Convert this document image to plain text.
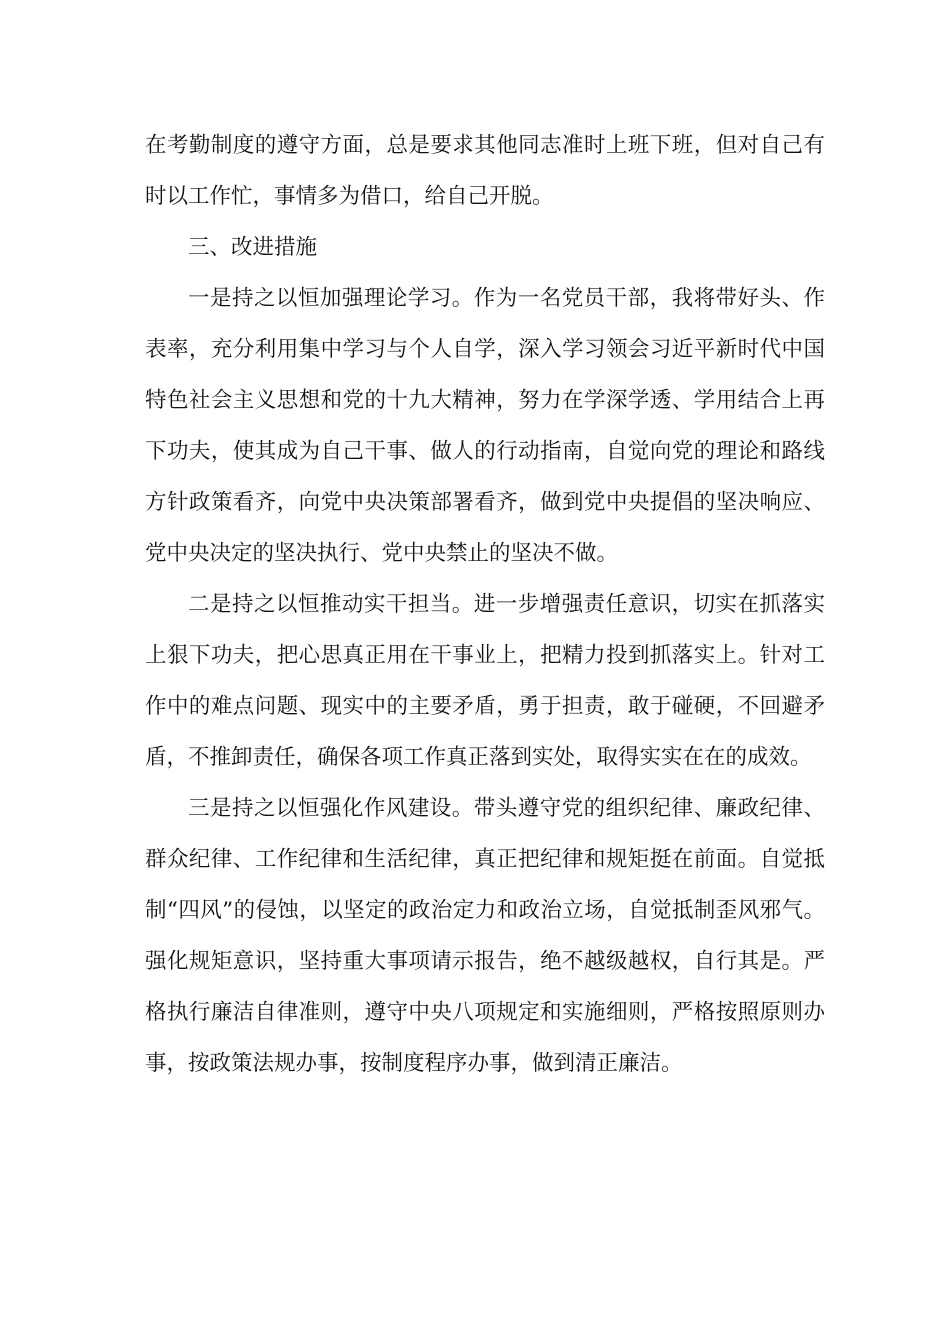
在考勤制度的遵守方面，总是要求其他同志准时上班下班，但对自己有时以工作忙，事情多为借口，给自己开脱。

三、改进措施

一是持之以恒加强理论学习。作为一名党员干部，我将带好头、作表率，充分利用集中学习与个人自学，深入学习领会习近平新时代中国特色社会主义思想和党的十九大精神，努力在学深学透、学用结合上再下功夫，使其成为自己干事、做人的行动指南，自觉向党的理论和路线方针政策看齐，向党中央决策部署看齐，做到党中央提倡的坚决响应、党中央决定的坚决执行、党中央禁止的坚决不做。

二是持之以恒推动实干担当。进一步增强责任意识，切实在抓落实上狠下功夫，把心思真正用在干事业上，把精力投到抓落实上。针对工作中的难点问题、现实中的主要矛盾，勇于担责，敢于碰硬，不回避矛盾，不推卸责任，确保各项工作真正落到实处，取得实实在在的成效。

三是持之以恒强化作风建设。带头遵守党的组织纪律、廉政纪律、群众纪律、工作纪律和生活纪律，真正把纪律和规矩挺在前面。自觉抵制“四风”的侵蚀，以坚定的政治定力和政治立场，自觉抵制歪风邪气。强化规矩意识，坚持重大事项请示报告，绝不越级越权，自行其是。严格执行廉洁自律准则，遵守中央八项规定和实施细则，严格按照原则办事，按政策法规办事，按制度程序办事，做到清正廉洁。
